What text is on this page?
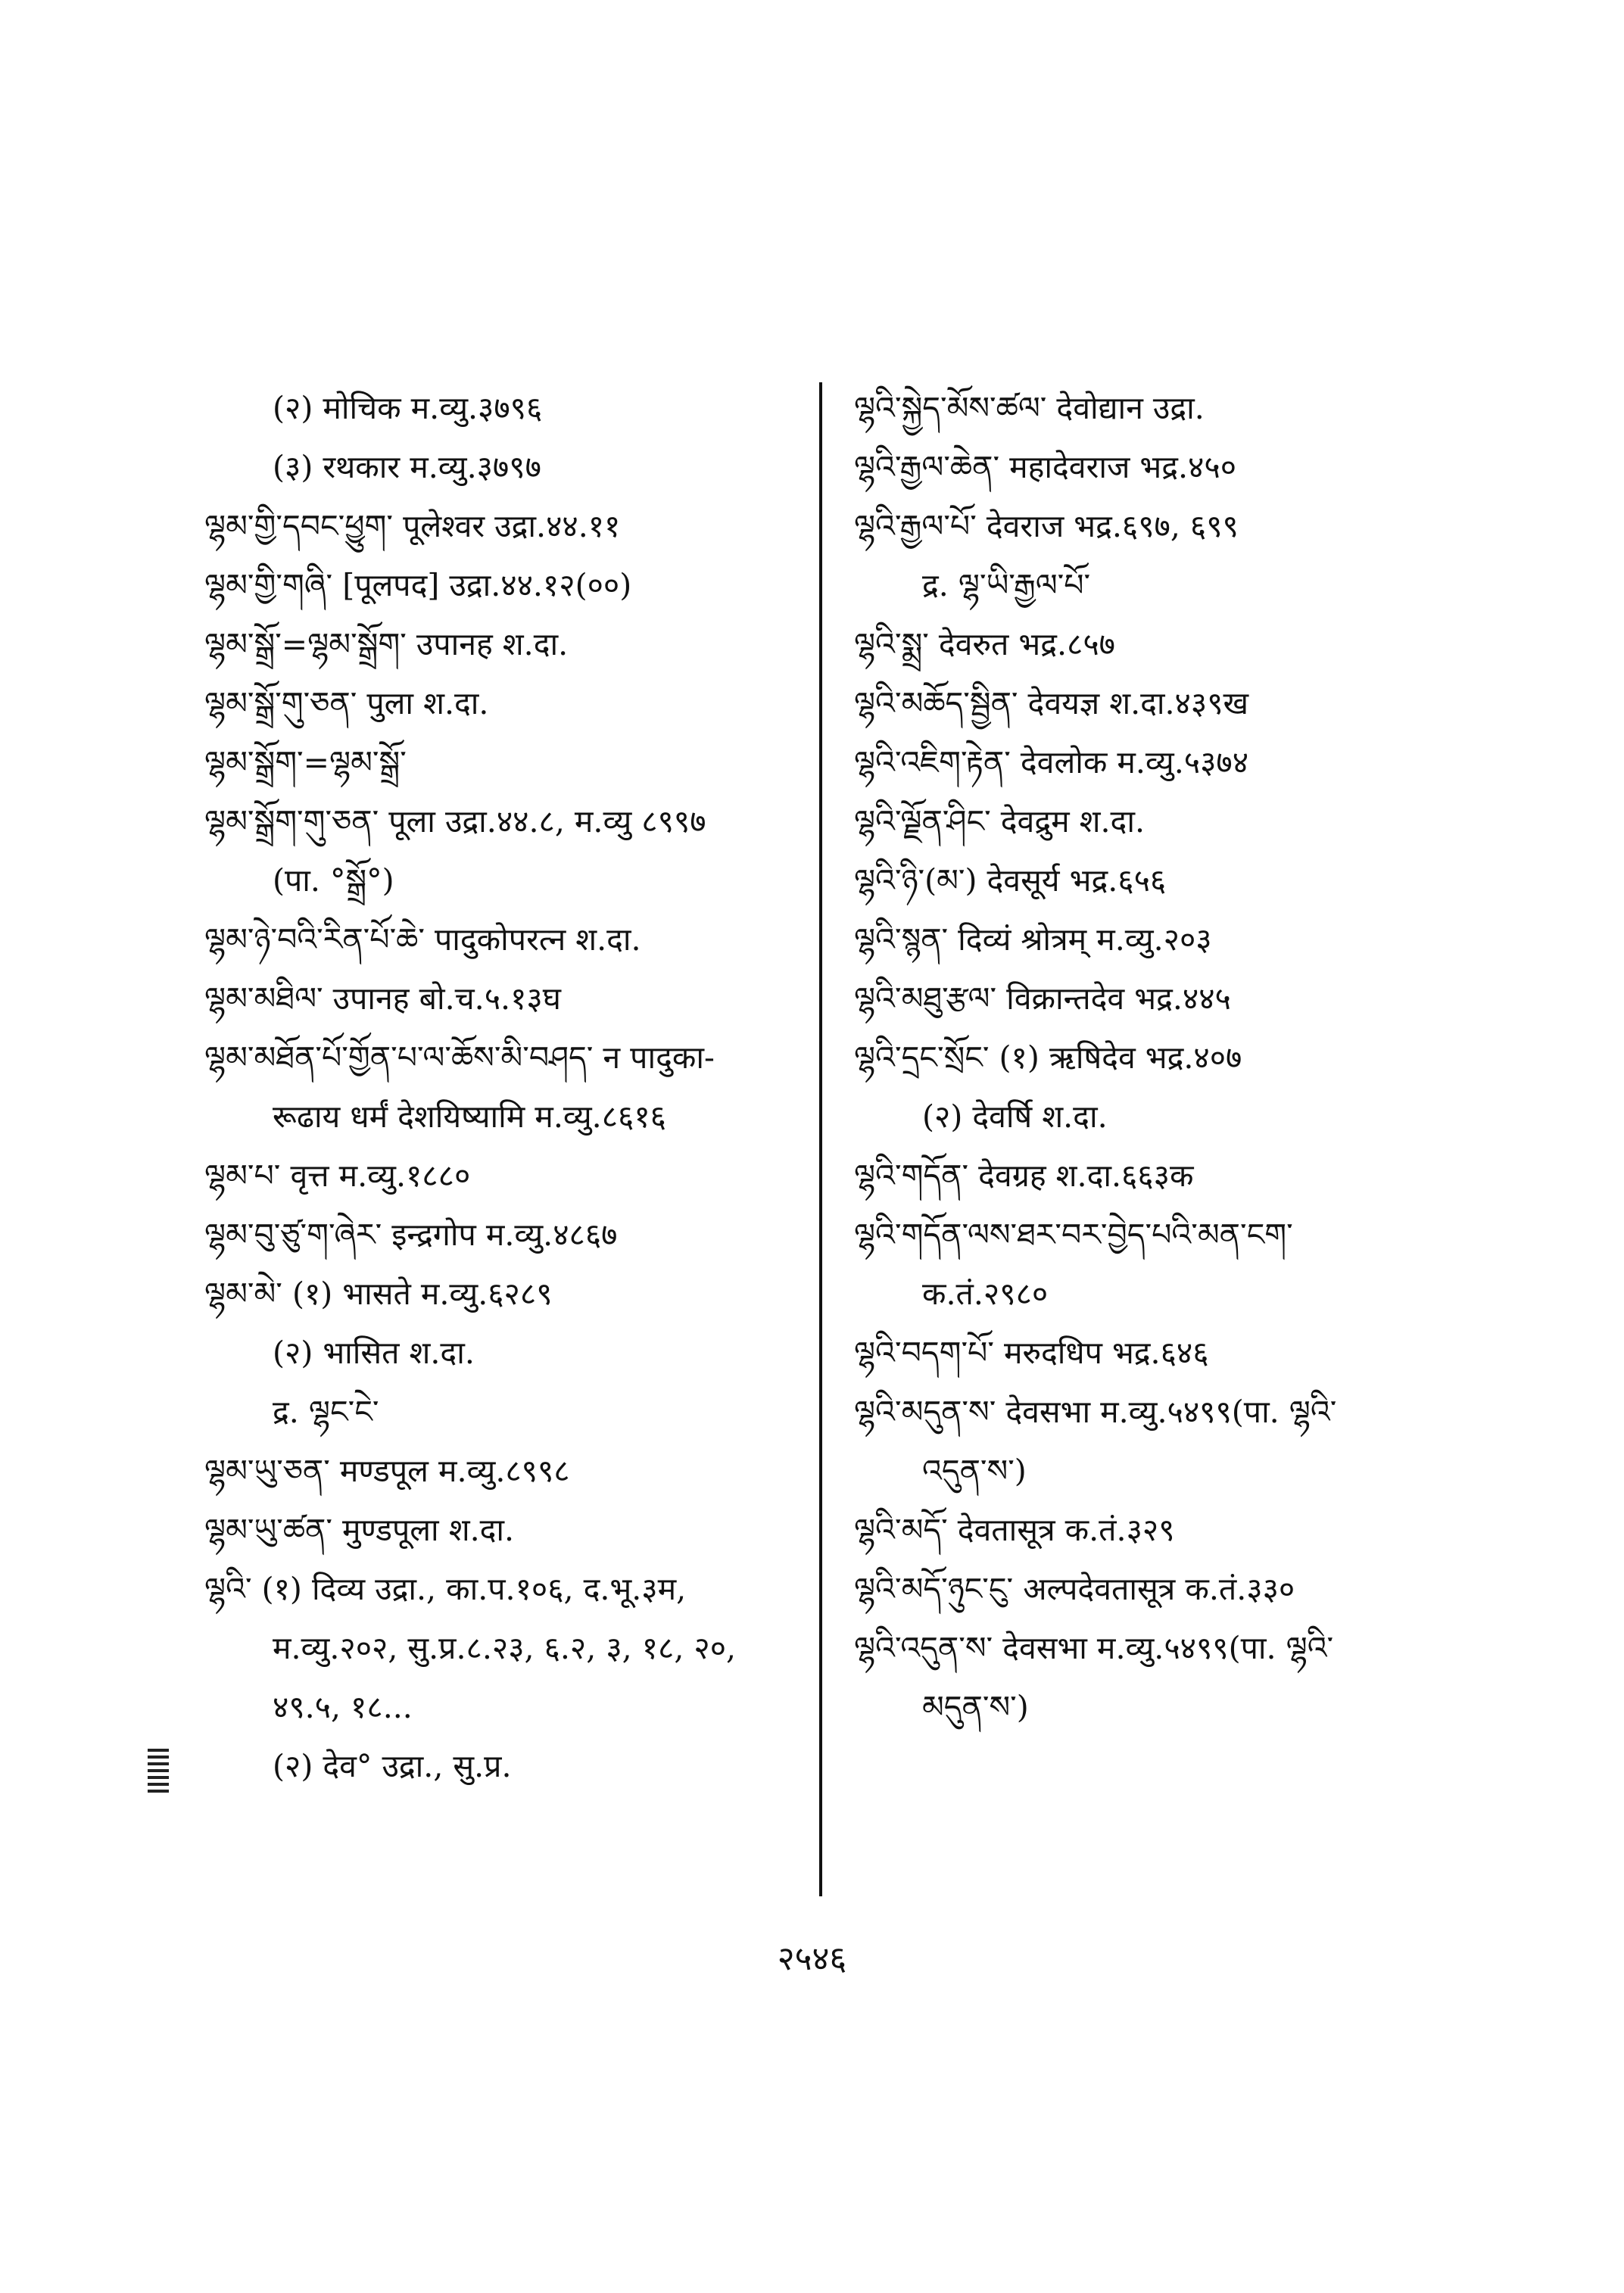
(२) मोचिक म.व्यु.३७९६
(३) रथकार म.व्यु.३७९७
ལྷམ་གྱི་དབང་ཕྱུག་ पूलेश्वर उद्रा.४४.११
ལྷམ་གྱི་གཞི་ [पूलपद] उद्रा.४४.१२(००)
ལྷམ་སྒྲོ་=ལྷམ་སྒྲོག་ उपानह श.दा.
ལྷམ་སྒྲོ་གུ་ཅན་ पुला श.दा.
ལྷམ་སྒྲོག་=ལྷམ་སྒྲོ་
ལྷམ་སྒྲོག་གུ་ཅན་ पूला उद्रा.४४.८, म.व्यु ८९९७
(पा. °སྒྲོ°)
ལྷམ་ཉེ་བའི་རིན་པོ་ཆེ་ पादुकोपरत्न श.दा.
ལྷམ་མཐིལ་ उपानह बो.च.५.१३घ
ལྷམ་མཐོན་པོ་གྱོན་པ་ལ་ཆོས་མི་བཤད་ न पादुका-
रूढाय धर्मं देशयिष्यामि म.व्यु.८६१६
ལྷམ་པ་ वृत्त म.व्यु.१८८०
ལྷམ་བུ་ཙུ་ག་ཞེར་ इन्द्रगोप म.व्यु.४८६७
ལྷམ་མེ་ (१) भासते म.व्यु.६२८९
(२) भासित श.दा.
द्र. ལྷང་ངེ་
ལྷམ་ཡུ་ཅན་ मण्डपूल म.व्यु.८९९८
ལྷམ་ཡུ་ཚན་ मुण्डपूला श.दा.
ལྷའི་ (१) दिव्य उद्रा., का.प.१०६, द.भू.३म,
म.व्यु.२०२, सु.प्र.८.२३, ६.२, ३, १८, २०,
४९.५, १८...
(२) देव° उद्रा., सु.प्र.
ལྷའི་སྐྱེད་མོས་ཚལ་ देवोद्यान उद्रा.
ལྷའི་རྒྱལ་ཆེན་ महादेवराज भद्र.४५०
ལྷའི་རྒྱལ་པོ་ देवराज भद्र.६९७, ६९९
द्र. ལྷ་ཡི་རྒྱལ་པོ་
ལྷའི་སྨྲ་ देवरुत भद्र.८५७
ལྷའི་མཆོད་སྦྱིན་ देवयज्ञ श.दा.४३९ख
ལྷའི་འཇིག་རྟེན་ देवलोक म.व्यु.५३७४
ལྷའི་ལྗོན་ཤིང་ देवद्रुम श.दा.
ལྷའི་ཉི་(མ་) देवसूर्य भद्र.६५६
ལྷའི་སྙན་ दिव्यं श्रोत्रम् म.व्यु.२०३
ལྷའི་མཐུ་རྩལ་ विक्रान्तदेव भद्र.४४५
ལྷའི་དྲང་སྲོང་ (१) ऋषिदेव भद्र.४०७
(२) देवर्षि श.दा.
ལྷའི་གདོན་ देवग्रह श.दा.६६३क
ལྷའི་གདོན་ལས་ཐར་བར་བྱེད་པའི་མན་ངག་
क.तं.२९८०
ལྷའི་བདག་པོ་ मरुदधिप भद्र.६४६
ལྷའི་མདུན་ས་ देवसभा म.व्यु.५४९९(पा. ལྷའི་
འདུན་ས་)
ལྷའི་མདོ་ देवतासूत्र क.तं.३२९
ལྷའི་མདོ་ཉུང་ངུ་ अल्पदेवतासूत्र क.तं.३३०
ལྷའི་འདུན་ས་ देवसभा म.व्यु.५४९९(पा. ལྷའི་
མདུན་ས་)
२५४६
